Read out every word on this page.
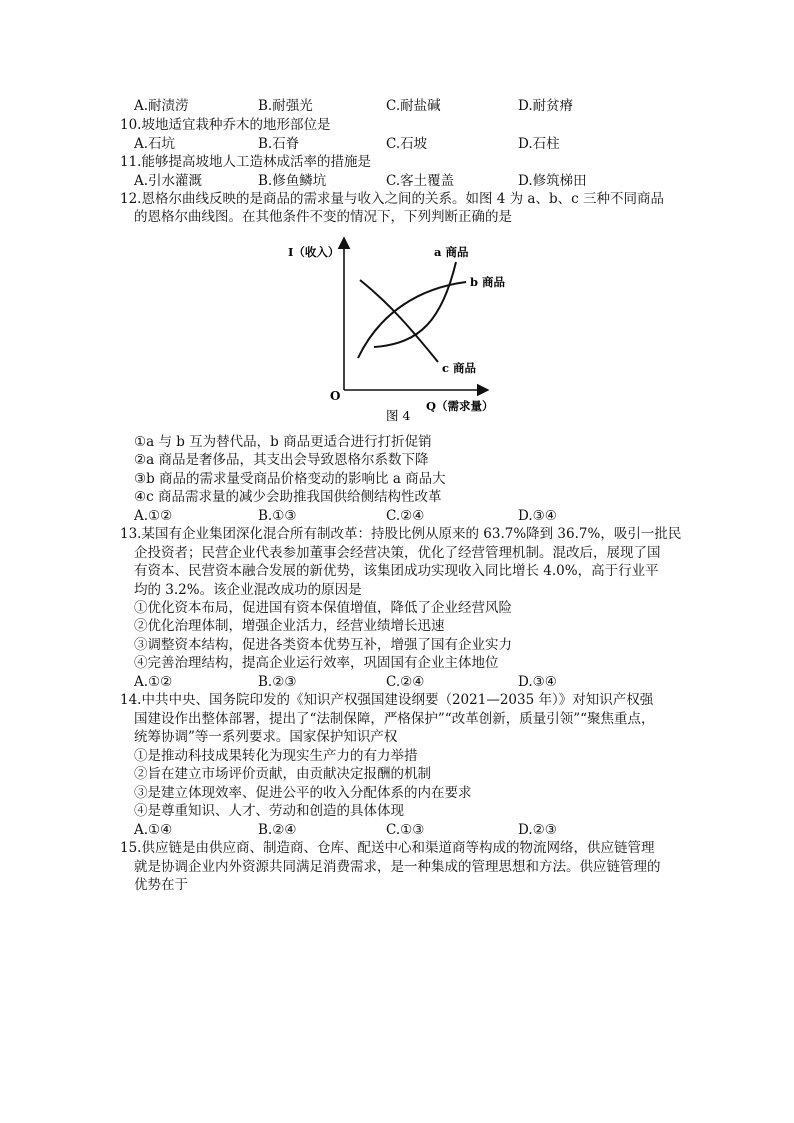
A.耐渍涝	B.耐强光	C.耐盐碱	D.耐贫瘠
10.坡地适宜栽种乔木的地形部位是
A.石坑	B.石脊	C.石坡	D.石柱
11.能够提高坡地人工造林成活率的措施是
A.引水灌溉	B.修鱼鳞坑	C.客土覆盖	D.修筑梯田
12.恩格尔曲线反映的是商品的需求量与收入之间的关系。如图 4 为 a、b、c 三种不同商品
的恩格尔曲线图。在其他条件不变的情况下，下列判断正确的是
I（收入）
Q（需求量）
O
a 商品
b 商品
c 商品
图 4
①a 与 b 互为替代品，b 商品更适合进行打折促销
②a 商品是奢侈品，其支出会导致恩格尔系数下降
③b 商品的需求量受商品价格变动的影响比 a 商品大
④c 商品需求量的减少会助推我国供给侧结构性改革
A.①②	B.①③	C.②④	D.③④
13.某国有企业集团深化混合所有制改革：持股比例从原来的 63.7%降到 36.7%，吸引一批民
企投资者；民营企业代表参加董事会经营决策，优化了经营管理机制。混改后，展现了国
有资本、民营资本融合发展的新优势，该集团成功实现收入同比增长 4.0%，高于行业平
均的 3.2%。该企业混改成功的原因是
①优化资本布局，促进国有资本保值增值，降低了企业经营风险
②优化治理体制，增强企业活力，经营业绩增长迅速
③调整资本结构，促进各类资本优势互补，增强了国有企业实力
④完善治理结构，提高企业运行效率，巩固国有企业主体地位
A.①②	B.②③	C.②④	D.③④
14.中共中央、国务院印发的《知识产权强国建设纲要（2021—2035 年）》对知识产权强
国建设作出整体部署，提出了“法制保障，严格保护”“改革创新，质量引领”“聚焦重点，
统筹协调”等一系列要求。国家保护知识产权
①是推动科技成果转化为现实生产力的有力举措
②旨在建立市场评价贡献，由贡献决定报酬的机制
③是建立体现效率、促进公平的收入分配体系的内在要求
④是尊重知识、人才、劳动和创造的具体体现
A.①④	B.②④	C.①③	D.②③
15.供应链是由供应商、制造商、仓库、配送中心和渠道商等构成的物流网络，供应链管理
就是协调企业内外资源共同满足消费需求，是一种集成的管理思想和方法。供应链管理的
优势在于
